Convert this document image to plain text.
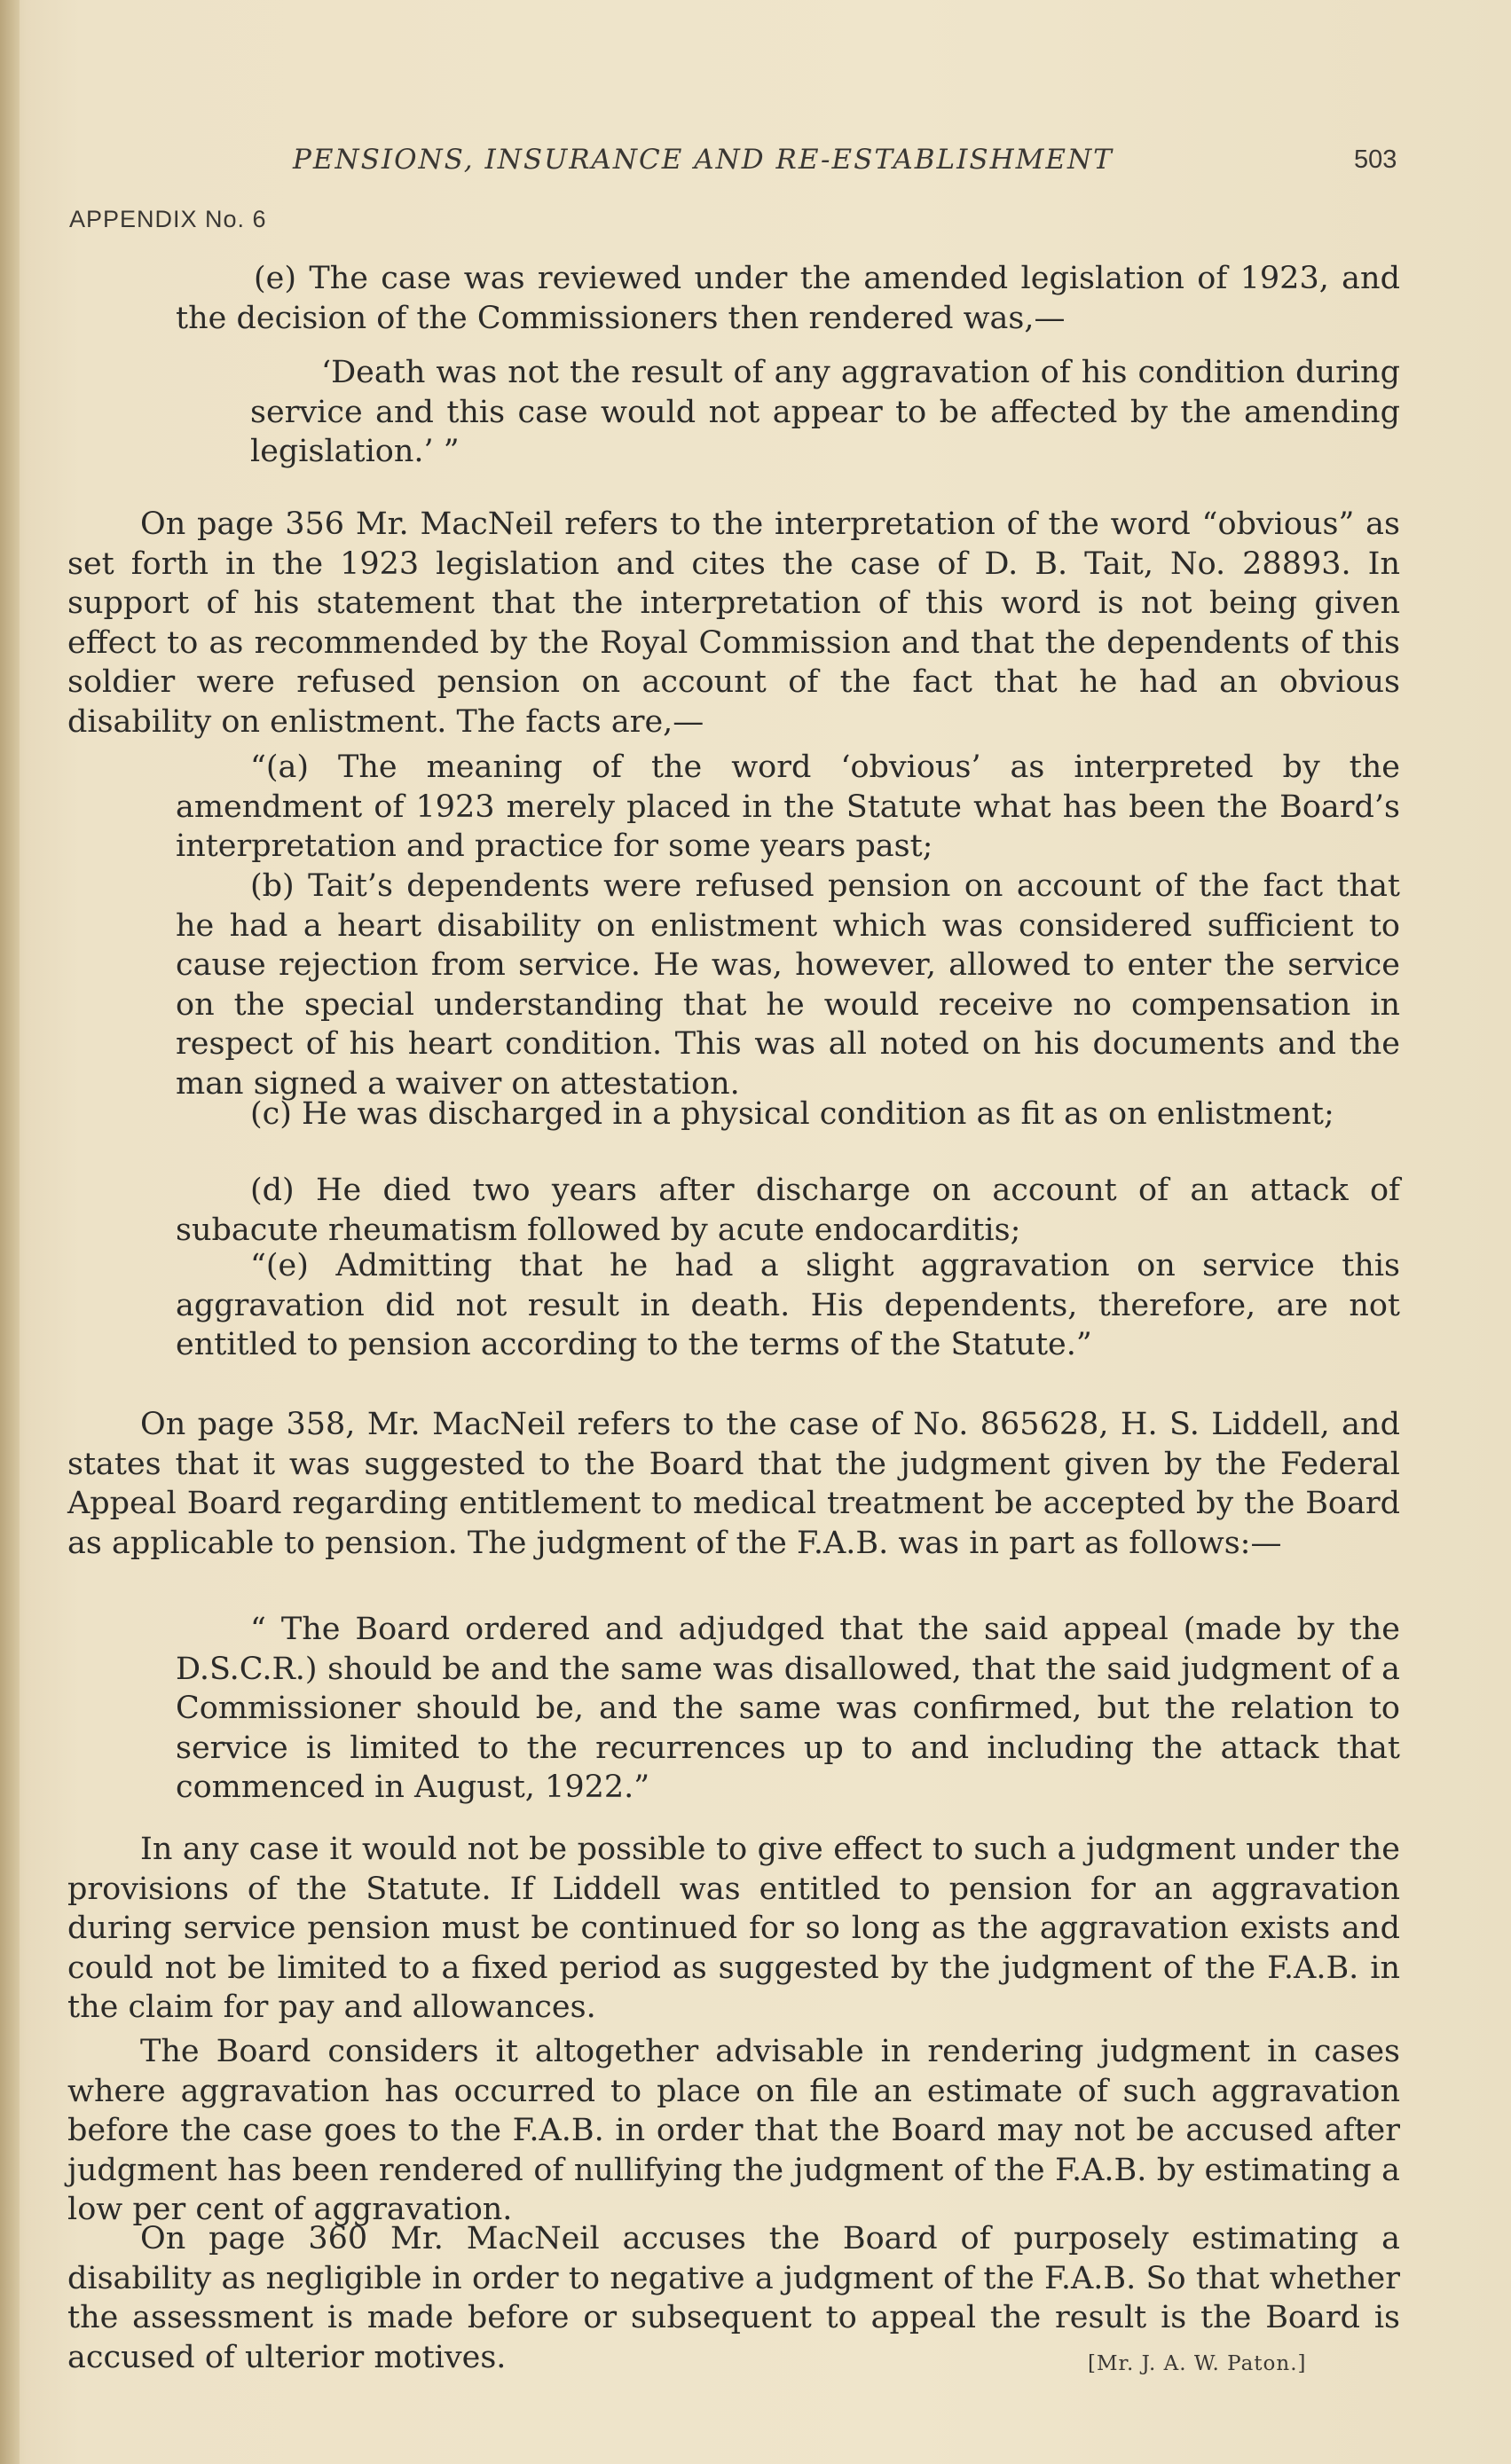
PENSIONS, INSURANCE AND RE-ESTABLISHMENT	503
APPENDIX No. 6

(e) The case was reviewed under the amended legislation of 1923, and the decision of the Commissioners then rendered was,—

‘Death was not the result of any aggravation of his condition during service and this case would not appear to be affected by the amending legislation.’ ”

On page 356 Mr. MacNeil refers to the interpretation of the word “obvious” as set forth in the 1923 legislation and cites the case of D. B. Tait, No. 28893. In support of his statement that the interpretation of this word is not being given effect to as recommended by the Royal Commission and that the dependents of this soldier were refused pension on account of the fact that he had an obvious disability on enlistment. The facts are,—

“(a) The meaning of the word ‘obvious’ as interpreted by the amendment of 1923 merely placed in the Statute what has been the Board’s interpretation and practice for some years past;

(b) Tait’s dependents were refused pension on account of the fact that he had a heart disability on enlistment which was considered sufficient to cause rejection from service. He was, however, allowed to enter the service on the special understanding that he would receive no compensation in respect of his heart condition. This was all noted on his documents and the man signed a waiver on attestation.

(c) He was discharged in a physical condition as fit as on enlistment;

(d) He died two years after discharge on account of an attack of subacute rheumatism followed by acute endocarditis;

“(e) Admitting that he had a slight aggravation on service this aggravation did not result in death. His dependents, therefore, are not entitled to pension according to the terms of the Statute.”

On page 358, Mr. MacNeil refers to the case of No. 865628, H. S. Liddell, and states that it was suggested to the Board that the judgment given by the Federal Appeal Board regarding entitlement to medical treatment be accepted by the Board as applicable to pension. The judgment of the F.A.B. was in part as follows:—

“ The Board ordered and adjudged that the said appeal (made by the D.S.C.R.) should be and the same was disallowed, that the said judgment of a Commissioner should be, and the same was confirmed, but the relation to service is limited to the recurrences up to and including the attack that commenced in August, 1922.”

In any case it would not be possible to give effect to such a judgment under the provisions of the Statute. If Liddell was entitled to pension for an aggravation during service pension must be continued for so long as the aggravation exists and could not be limited to a fixed period as suggested by the judgment of the F.A.B. in the claim for pay and allowances.

The Board considers it altogether advisable in rendering judgment in cases where aggravation has occurred to place on file an estimate of such aggravation before the case goes to the F.A.B. in order that the Board may not be accused after judgment has been rendered of nullifying the judgment of the F.A.B. by estimating a low per cent of aggravation.

On page 360 Mr. MacNeil accuses the Board of purposely estimating a disability as negligible in order to negative a judgment of the F.A.B. So that whether the assessment is made before or subsequent to appeal the result is the Board is accused of ulterior motives.	[Mr. J. A. W. Paton.]
